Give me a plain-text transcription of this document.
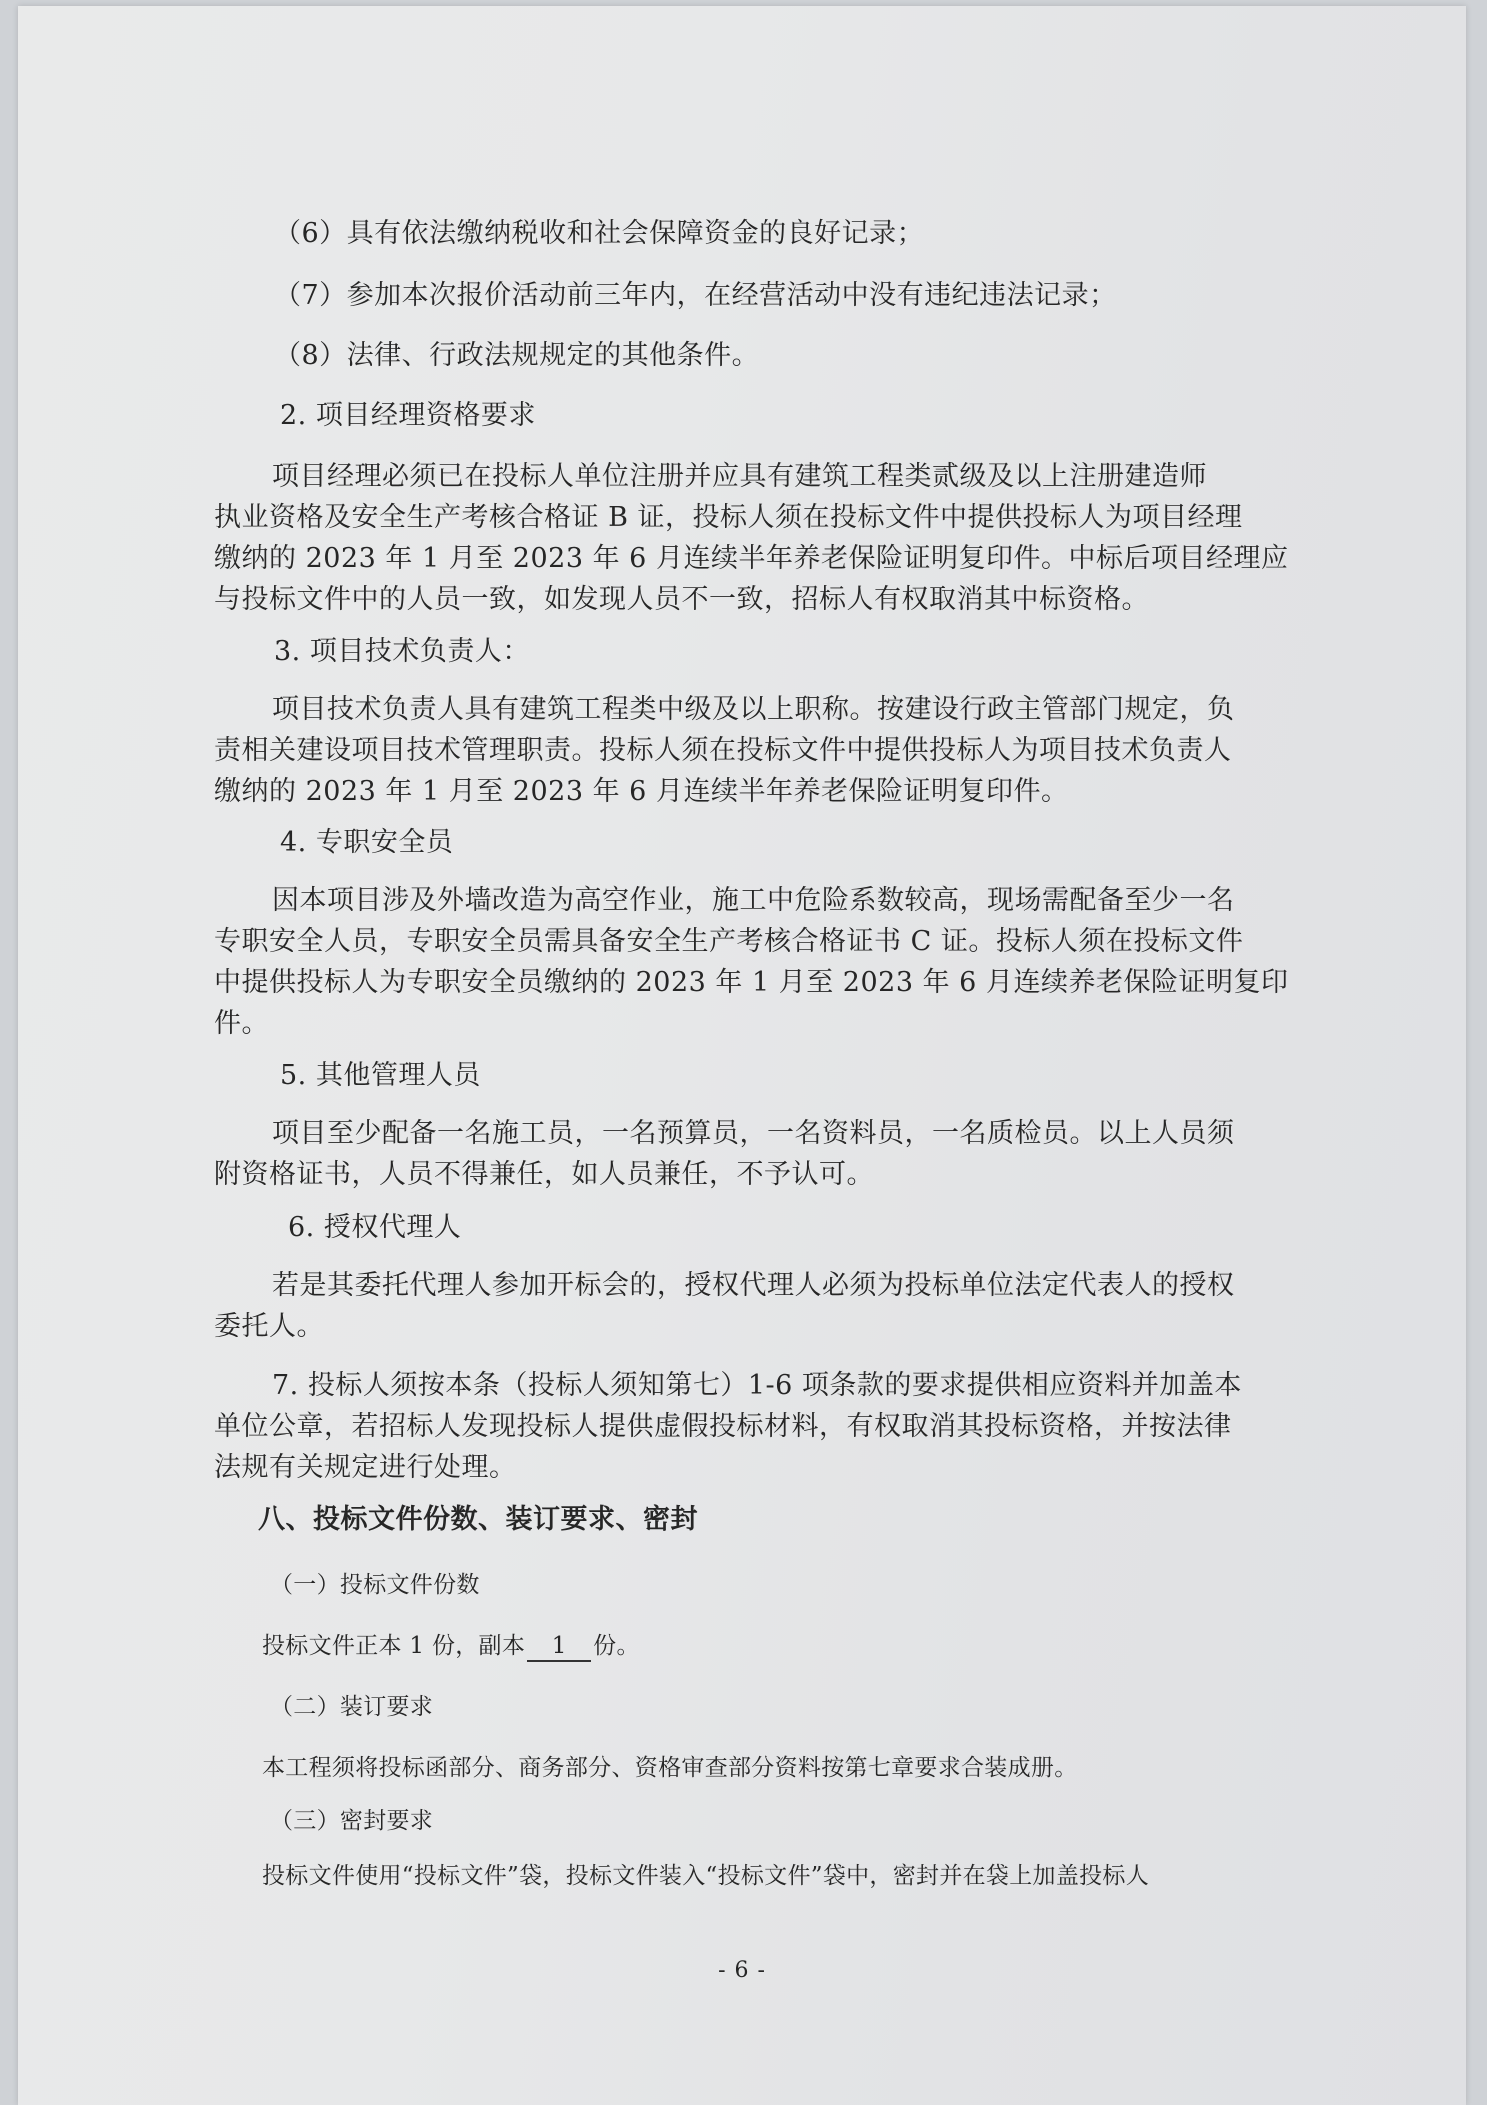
（6）具有依法缴纳税收和社会保障资金的良好记录；
（7）参加本次报价活动前三年内，在经营活动中没有违纪违法记录；
（8）法律、行政法规规定的其他条件。
2. 项目经理资格要求
项目经理必须已在投标人单位注册并应具有建筑工程类贰级及以上注册建造师
执业资格及安全生产考核合格证 B 证，投标人须在投标文件中提供投标人为项目经理
缴纳的 2023 年 1 月至 2023 年 6 月连续半年养老保险证明复印件。中标后项目经理应
与投标文件中的人员一致，如发现人员不一致，招标人有权取消其中标资格。
3. 项目技术负责人：
项目技术负责人具有建筑工程类中级及以上职称。按建设行政主管部门规定，负
责相关建设项目技术管理职责。投标人须在投标文件中提供投标人为项目技术负责人
缴纳的 2023 年 1 月至 2023 年 6 月连续半年养老保险证明复印件。
4. 专职安全员
因本项目涉及外墙改造为高空作业，施工中危险系数较高，现场需配备至少一名
专职安全人员，专职安全员需具备安全生产考核合格证书 C 证。投标人须在投标文件
中提供投标人为专职安全员缴纳的 2023 年 1 月至 2023 年 6 月连续养老保险证明复印
件。
5. 其他管理人员
项目至少配备一名施工员，一名预算员，一名资料员，一名质检员。以上人员须
附资格证书，人员不得兼任，如人员兼任，不予认可。
6. 授权代理人
若是其委托代理人参加开标会的，授权代理人必须为投标单位法定代表人的授权
委托人。
7. 投标人须按本条（投标人须知第七）1-6 项条款的要求提供相应资料并加盖本
单位公章，若招标人发现投标人提供虚假投标材料，有权取消其投标资格，并按法律
法规有关规定进行处理。
八、投标文件份数、装订要求、密封
（一）投标文件份数
投标文件正本 1 份，副本 1 份。
（二）装订要求
本工程须将投标函部分、商务部分、资格审查部分资料按第七章要求合装成册。
（三）密封要求
投标文件使用“投标文件”袋，投标文件装入“投标文件”袋中，密封并在袋上加盖投标人
- 6 -
